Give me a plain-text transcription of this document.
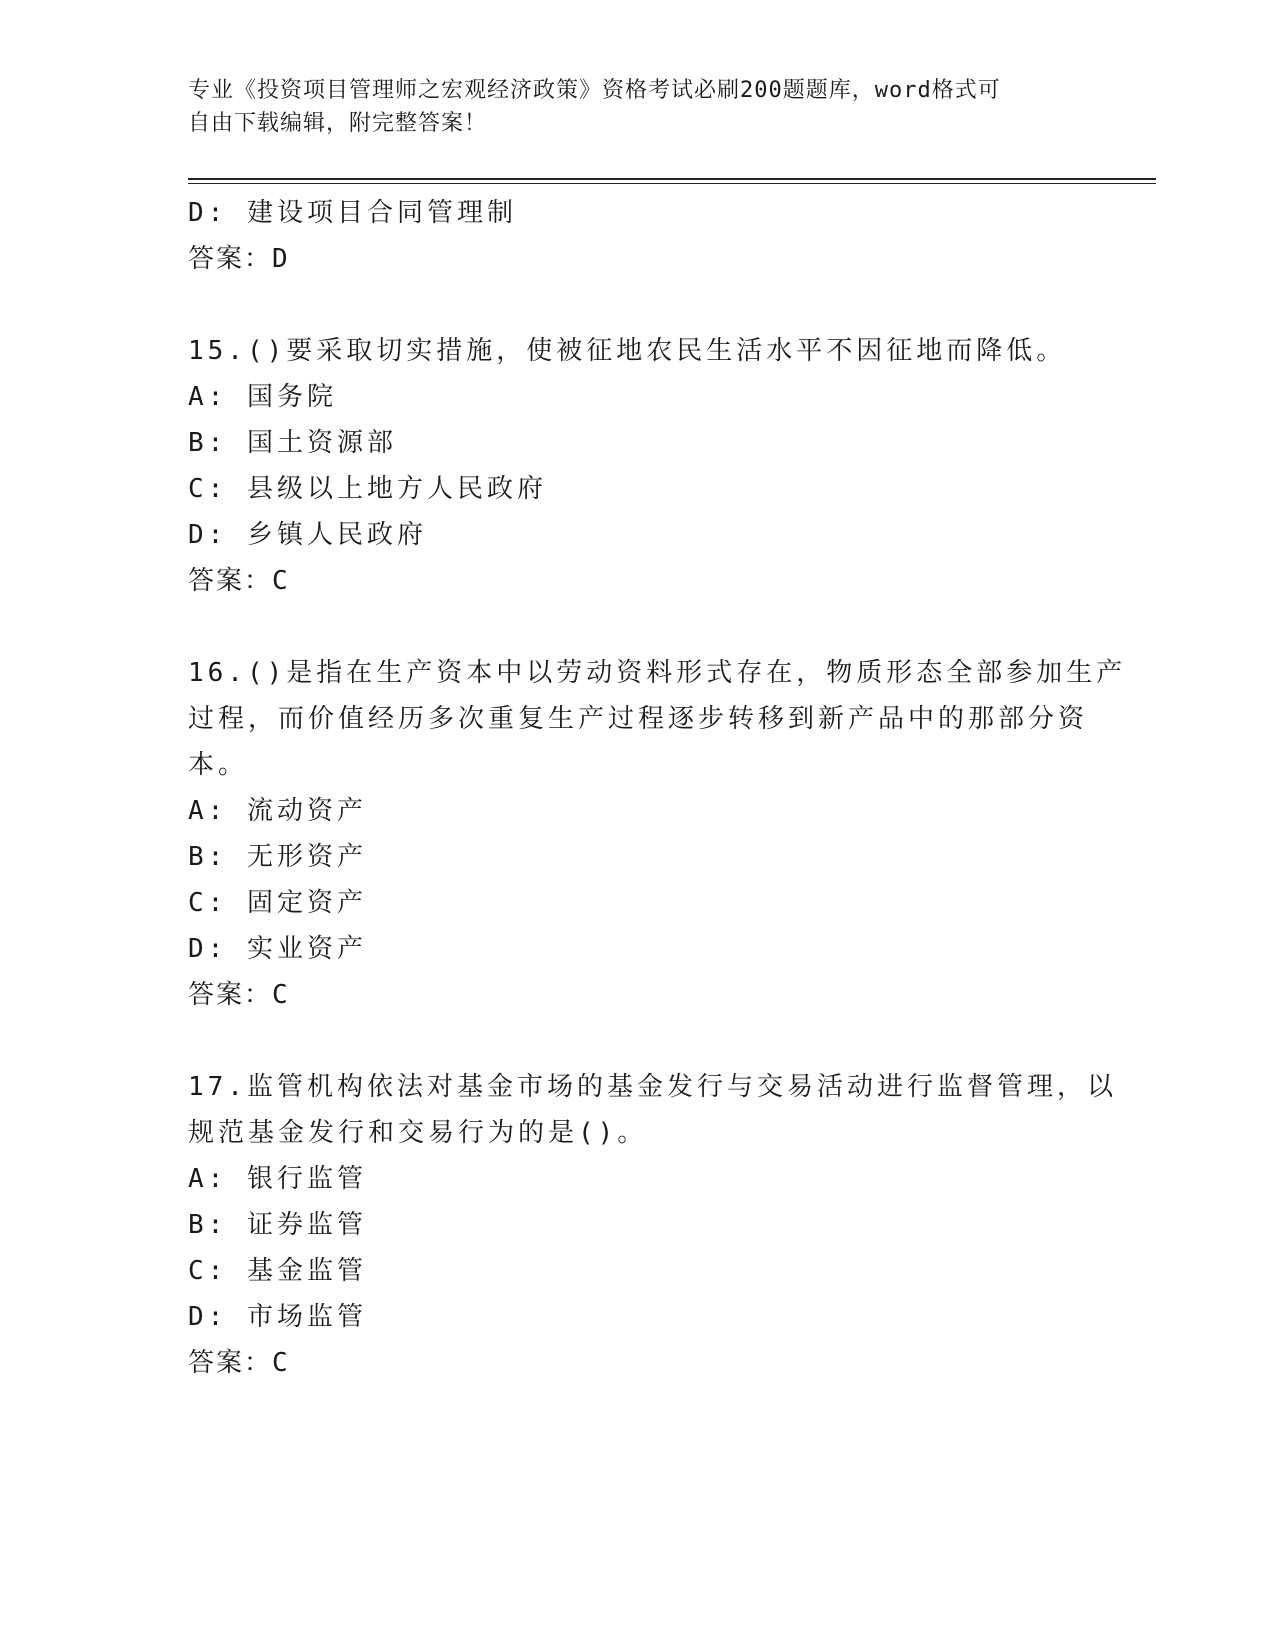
专业《投资项目管理师之宏观经济政策》资格考试必刷200题题库，word格式可
自由下载编辑，附完整答案！
D: 建设项目合同管理制
答案：D
15.()要采取切实措施，使被征地农民生活水平不因征地而降低。
A: 国务院
B: 国土资源部
C: 县级以上地方人民政府
D: 乡镇人民政府
答案：C
16.()是指在生产资本中以劳动资料形式存在，物质形态全部参加生产
过程，而价值经历多次重复生产过程逐步转移到新产品中的那部分资
本。
A: 流动资产
B: 无形资产
C: 固定资产
D: 实业资产
答案：C
17.监管机构依法对基金市场的基金发行与交易活动进行监督管理，以
规范基金发行和交易行为的是()。
A: 银行监管
B: 证券监管
C: 基金监管
D: 市场监管
答案：C
